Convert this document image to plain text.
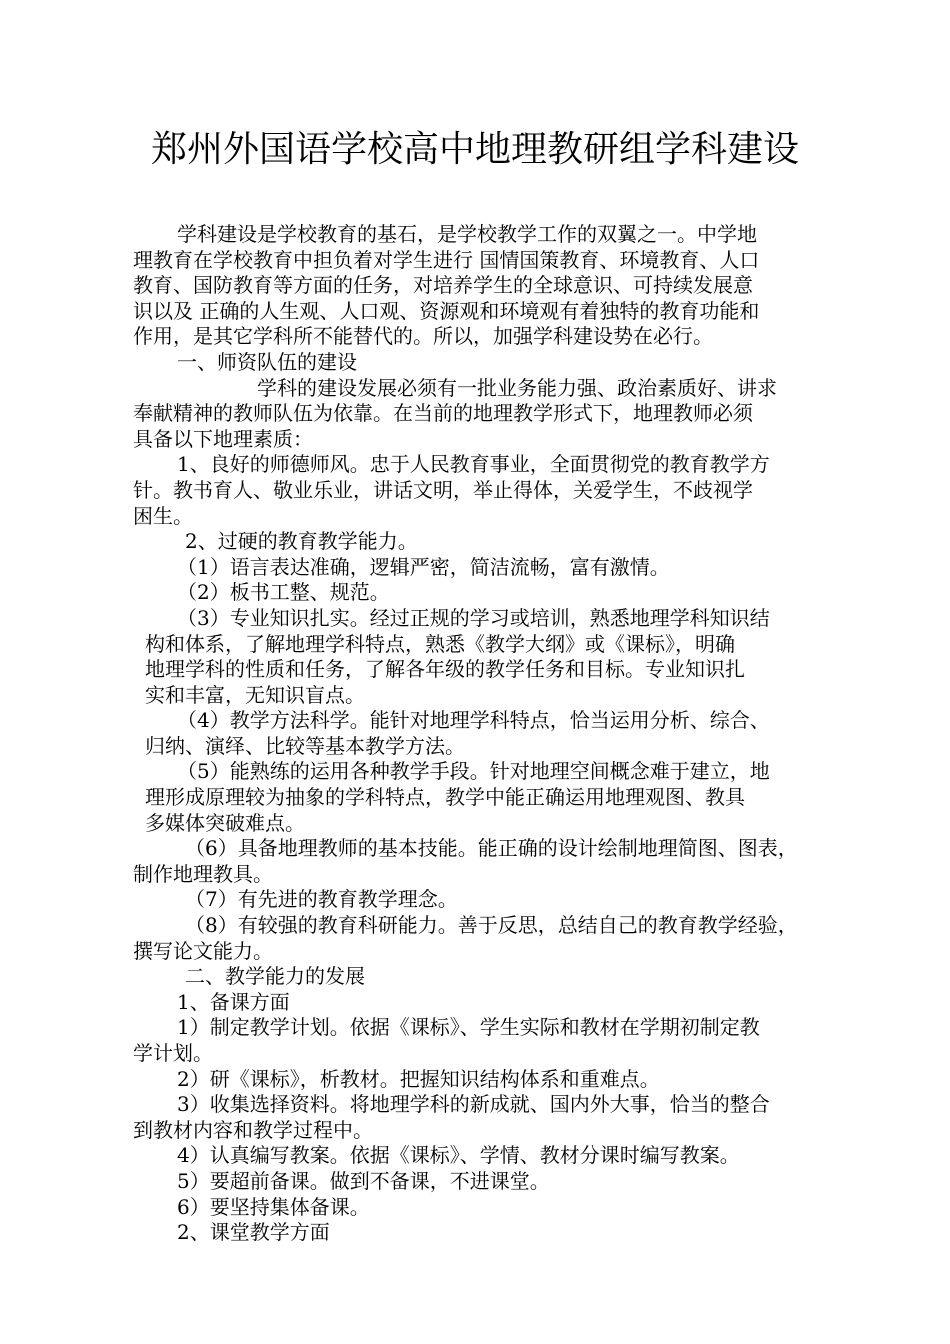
郑州外国语学校高中地理教研组学科建设
学科建设是学校教育的基石，是学校教学工作的双翼之一。中学地
理教育在学校教育中担负着对学生进行 国情国策教育、环境教育、人口
教育、国防教育等方面的任务，对培养学生的全球意识、可持续发展意
识以及 正确的人生观、人口观、资源观和环境观有着独特的教育功能和
作用，是其它学科所不能替代的。所以，加强学科建设势在必行。
一、师资队伍的建设
学科的建设发展必须有一批业务能力强、政治素质好、讲求
奉献精神的教师队伍为依靠。在当前的地理教学形式下，地理教师必须
具备以下地理素质：
1、良好的师德师风。忠于人民教育事业，全面贯彻党的教育教学方
针。教书育人、敬业乐业，讲话文明，举止得体，关爱学生，不歧视学
困生。
2、过硬的教育教学能力。
（1）语言表达准确，逻辑严密，简洁流畅，富有激情。
（2）板书工整、规范。
（3）专业知识扎实。经过正规的学习或培训，熟悉地理学科知识结
构和体系，了解地理学科特点，熟悉《教学大纲》或《课标》，明确
地理学科的性质和任务，了解各年级的教学任务和目标。专业知识扎
实和丰富，无知识盲点。
（4）教学方法科学。能针对地理学科特点，恰当运用分析、综合、
归纳、演绎、比较等基本教学方法。
（5）能熟练的运用各种教学手段。针对地理空间概念难于建立，地
理形成原理较为抽象的学科特点，教学中能正确运用地理观图、教具
多媒体突破难点。
（6）具备地理教师的基本技能。能正确的设计绘制地理简图、图表，
制作地理教具。
（7）有先进的教育教学理念。
（8）有较强的教育科研能力。善于反思，总结自己的教育教学经验，
撰写论文能力。
二、教学能力的发展
1、备课方面
1）制定教学计划。依据《课标》、学生实际和教材在学期初制定教
学计划。
2）研《课标》，析教材。把握知识结构体系和重难点。
3）收集选择资料。将地理学科的新成就、国内外大事，恰当的整合
到教材内容和教学过程中。
4）认真编写教案。依据《课标》、学情、教材分课时编写教案。
5）要超前备课。做到不备课，不进课堂。
6）要坚持集体备课。
2、课堂教学方面
